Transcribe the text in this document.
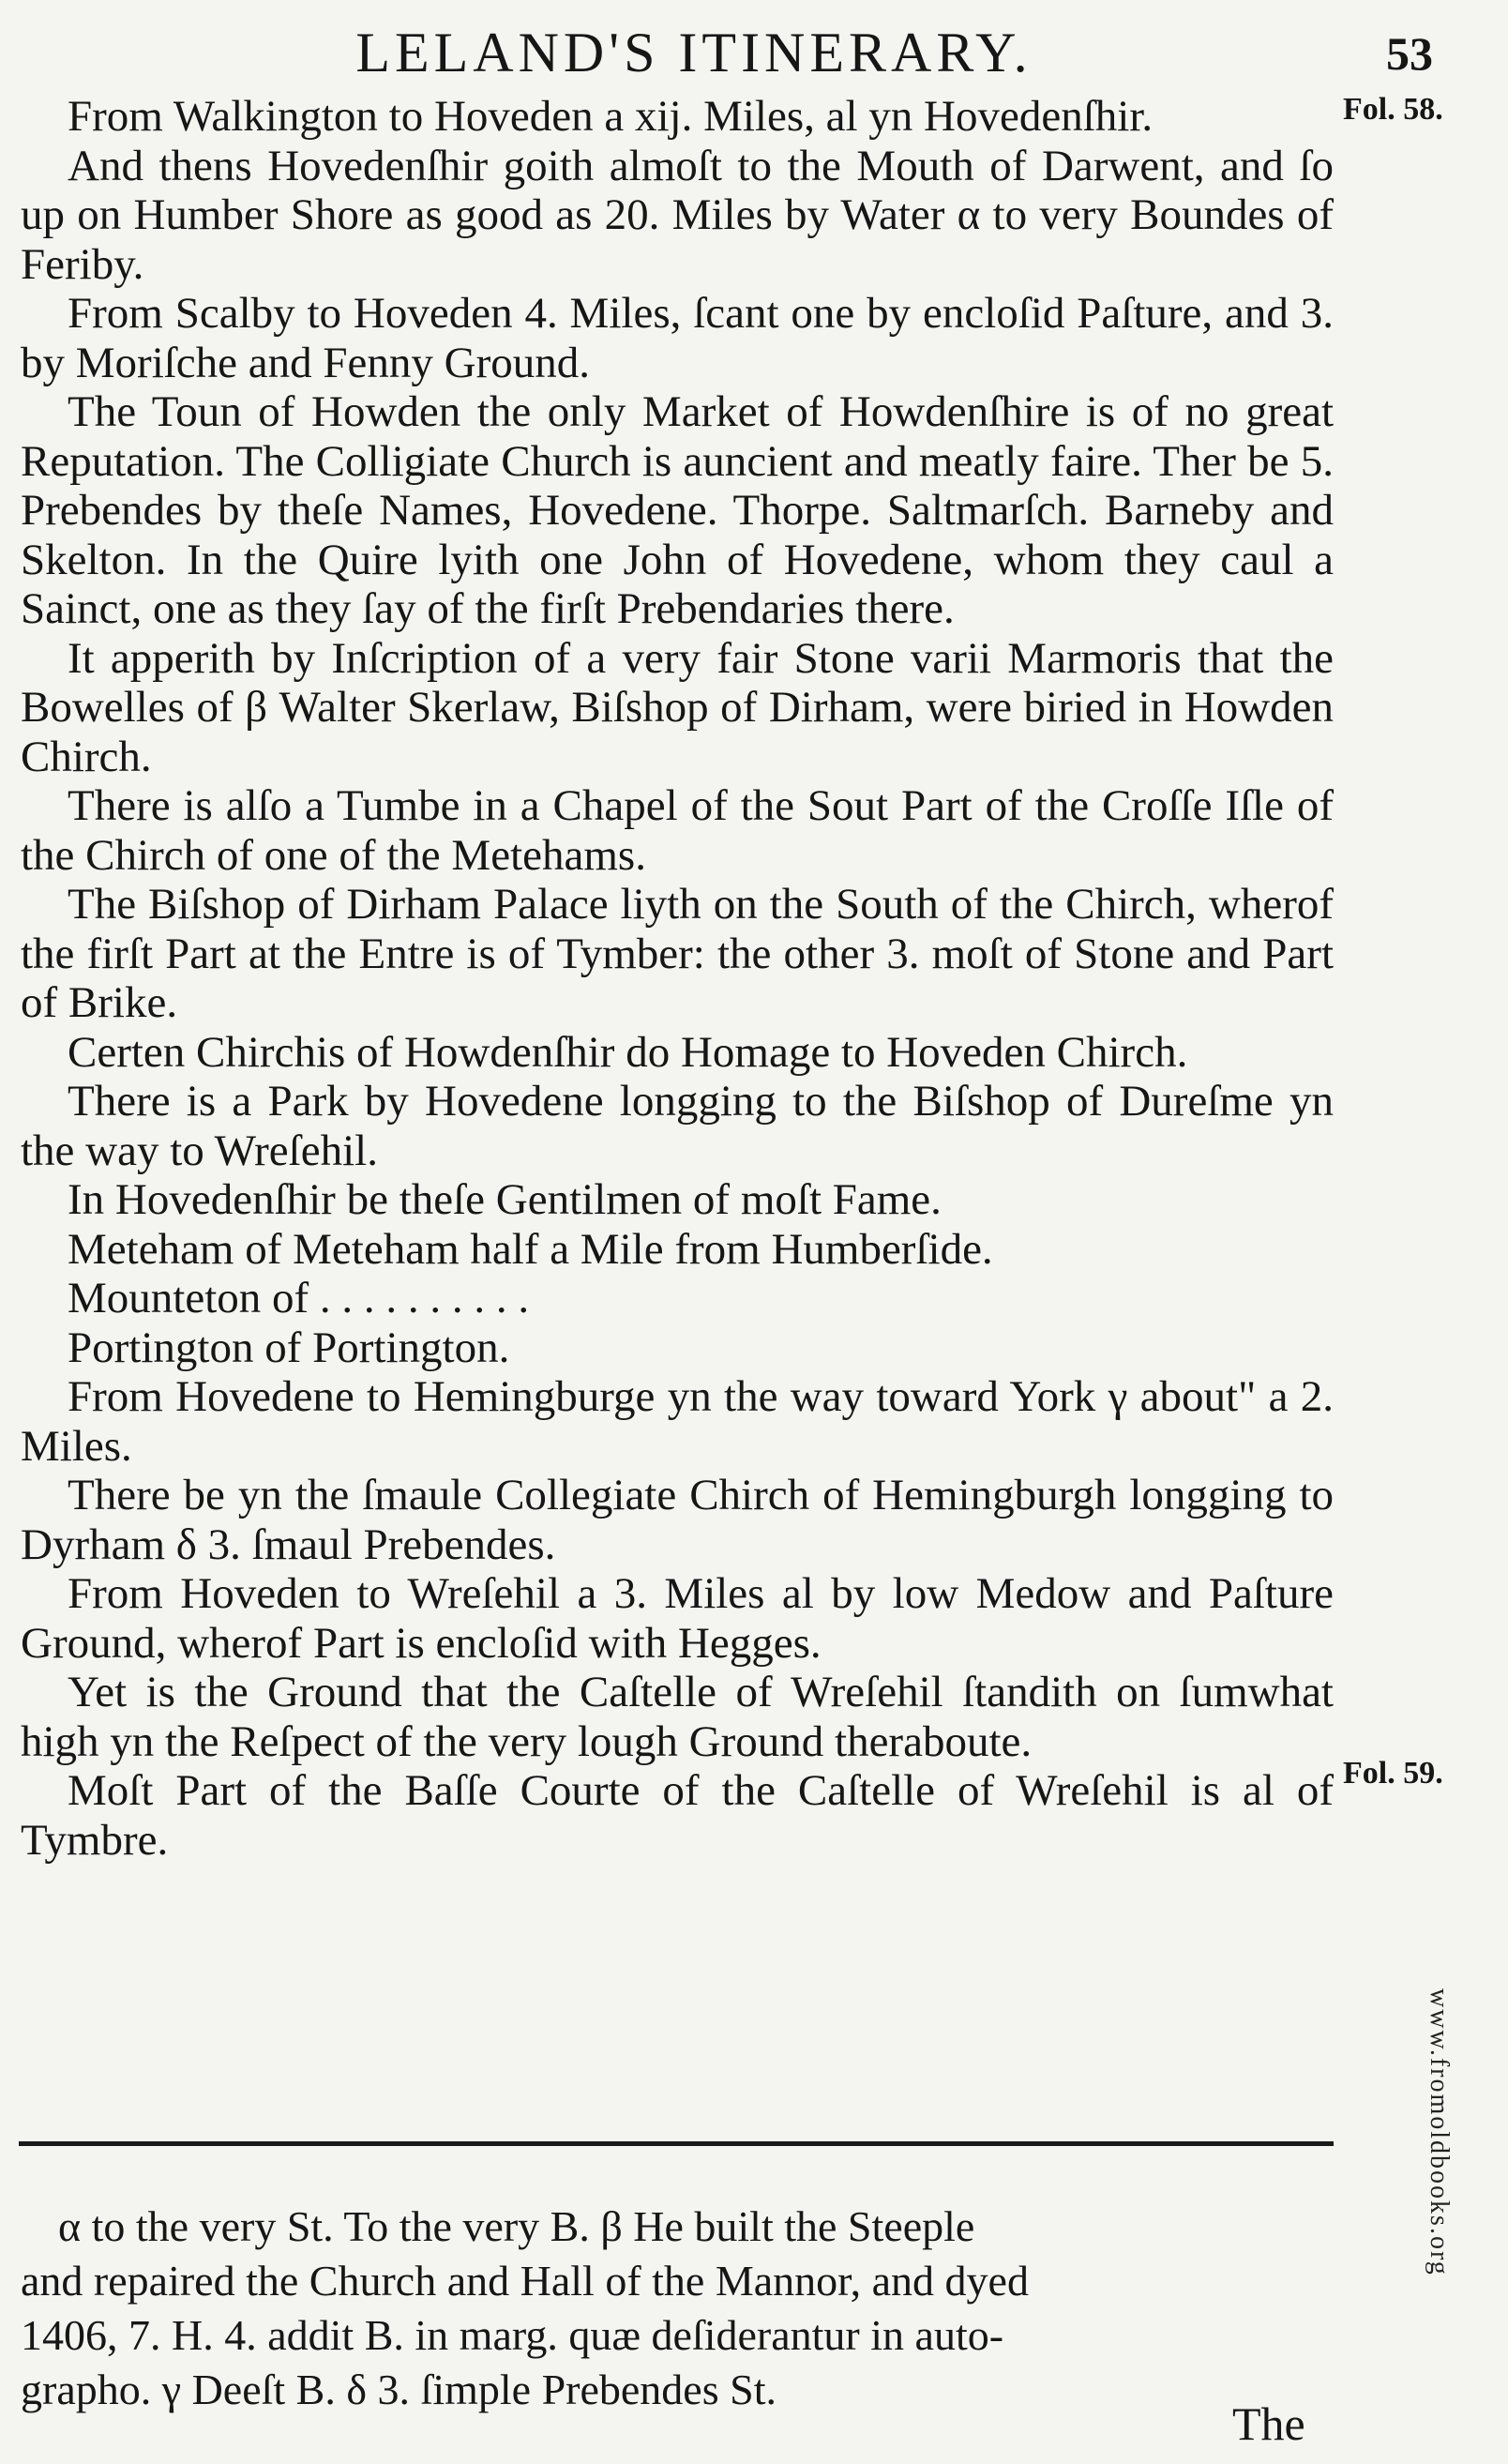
LELAND'S ITINERARY.	53
Fol. 58.
Fol. 59.

From Walkington to Hoveden a xij. Miles, al yn Hovedenſhir.

And thens Hovedenſhir goith almoſt to the Mouth of Darwent, and ſo up on Humber Shore as good as 20. Miles by Water α to very Boundes of Feriby.

From Scalby to Hoveden 4. Miles, ſcant one by encloſid Paſture, and 3. by Moriſche and Fenny Ground.

The Toun of Howden the only Market of Howdenſhire is of no great Reputation. The Colligiate Church is auncient and meatly faire. Ther be 5. Prebendes by theſe Names, Hovedene. Thorpe. Saltmarſch. Barneby and Skelton. In the Quire lyith one John of Hovedene, whom they caul a Sainct, one as they ſay of the firſt Prebendaries there.

It apperith by Inſcription of a very fair Stone varii Marmoris that the Bowelles of β Walter Skerlaw, Biſshop of Dirham, were biried in Howden Chirch.

There is alſo a Tumbe in a Chapel of the Sout Part of the Croſſe Iſle of the Chirch of one of the Metehams.

The Biſshop of Dirham Palace liyth on the South of the Chirch, wherof the firſt Part at the Entre is of Tymber: the other 3. moſt of Stone and Part of Brike.

Certen Chirchis of Howdenſhir do Homage to Hoveden Chirch.

There is a Park by Hovedene longging to the Biſshop of Dureſme yn the way to Wreſehil.

In Hovedenſhir be theſe Gentilmen of moſt Fame.

Meteham of Meteham half a Mile from Humberſide.

Mounteton of . . . . . . . . . .

Portington of Portington.

From Hovedene to Hemingburge yn the way toward York γ about" a 2. Miles.

There be yn the ſmaule Collegiate Chirch of Hemingburgh longging to Dyrham δ 3. ſmaul Prebendes.

From Hoveden to Wreſehil a 3. Miles al by low Medow and Paſture Ground, wherof Part is encloſid with Hegges.

Yet is the Ground that the Caſtelle of Wreſehil ſtandith on ſumwhat high yn the Reſpect of the very lough Ground theraboute.

Moſt Part of the Baſſe Courte of the Caſtelle of Wreſehil is al of Tymbre.

α to the very St. To the very B. β He built the Steeple

and repaired the Church and Hall of the Mannor, and dyed

1406, 7. H. 4. addit B. in marg. quæ deſiderantur in auto-

grapho. γ Deeſt B. δ 3. ſimple Prebendes St.

The
www.fromoldbooks.org
